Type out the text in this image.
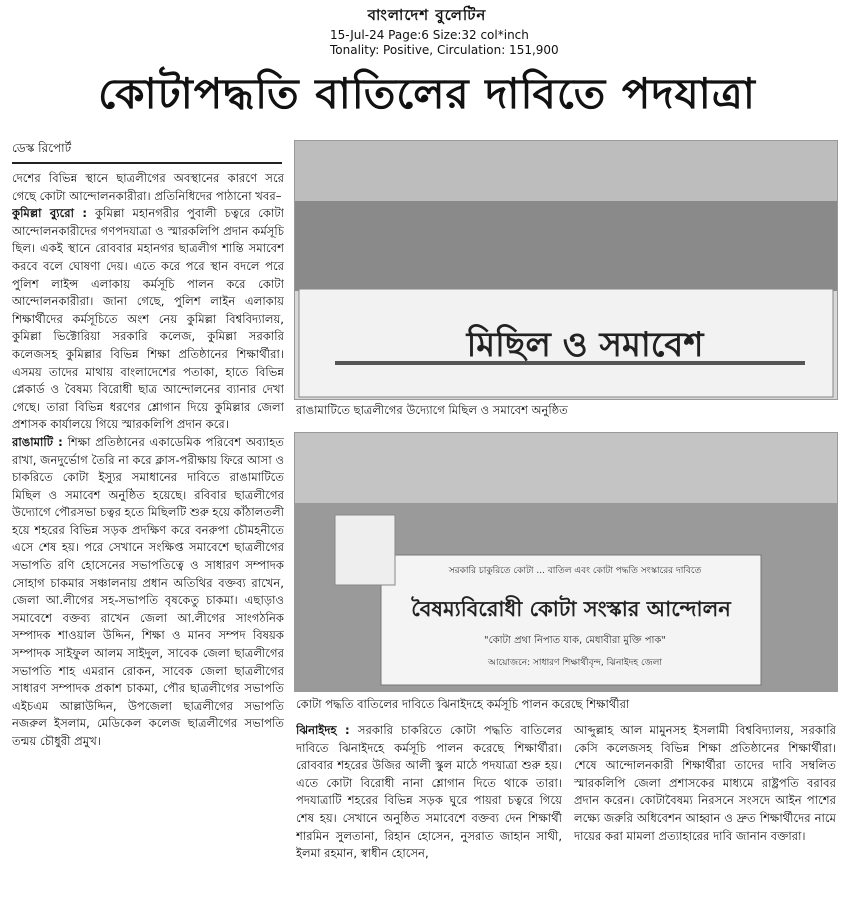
বাংলাদেশ বুলেটিন
15-Jul-24 Page:6 Size:32 col*inch
Tonality: Positive, Circulation: 151,900
কোটাপদ্ধতি বাতিলের দাবিতে পদযাত্রা
ডেস্ক রিপোর্ট

দেশের বিভিন্ন স্থানে ছাত্রলীগের অবস্থানের কারণে সরে গেছে কোটা আন্দোলনকারীরা। প্রতিনিধিদের পাঠানো খবর–

কুমিল্লা ব্যুরো : কুমিল্লা মহানগরীর পুবালী চত্বরে কোটা আন্দোলনকারীদের গণপদযাত্রা ও স্মারকলিপি প্রদান কর্মসূচি ছিল। একই স্থানে রোববার মহানগর ছাত্রলীগ শান্তি সমাবেশ করবে বলে ঘোষণা দেয়। এতে করে পরে স্থান বদলে পরে পুলিশ লাইন্স এলাকায় কর্মসূচি পালন করে কোটা আন্দোলনকারীরা। জানা গেছে, পুলিশ লাইন এলাকায় শিক্ষার্থীদের কর্মসূচিতে অংশ নেয় কুমিল্লা বিশ্ববিদ্যালয়, কুমিল্লা ভিক্টোরিয়া সরকারি কলেজ, কুমিল্লা সরকারি কলেজসহ কুমিল্লার বিভিন্ন শিক্ষা প্রতিষ্ঠানের শিক্ষার্থীরা। এসময় তাদের মাথায় বাংলাদেশের পতাকা, হাতে বিভিন্ন প্লেকার্ড ও বৈষম্য বিরোধী ছাত্র আন্দোলনের ব্যানার দেখা গেছে। তারা বিভিন্ন ধরণের শ্লোগান দিয়ে কুমিল্লার জেলা প্রশাসক কার্যালয়ে গিয়ে স্মারকলিপি প্রদান করে।

রাঙামাটি : শিক্ষা প্রতিষ্ঠানের একাডেমিক পরিবেশ অব্যাহত রাখা, জনদুর্ভোগ তৈরি না করে ক্লাস-পরীক্ষায় ফিরে আসা ও চাকরিতে কোটা ইস্যুর সমাধানের দাবিতে রাঙামাটিতে মিছিল ও সমাবেশ অনুষ্ঠিত হয়েছে। রবিবার ছাত্রলীগের উদ্যোগে পৌরসভা চত্বর হতে মিছিলটি শুরু হয়ে কাঁঠালতলী হয়ে শহরের বিভিন্ন সড়ক প্রদক্ষিণ করে বনরুপা চৌমহনীতে এসে শেষ হয়। পরে সেখানে সংক্ষিপ্ত সমাবেশে ছাত্রলীগের সভাপতি রণি হোসেনের সভাপতিত্বে ও সাধারণ সম্পাদক সোহাগ চাকমার সঞ্চালনায় প্রধান অতিথির বক্তব্য রাখেন, জেলা আ.লীগের সহ-সভাপতি বৃষকেতু চাকমা। এছাড়াও সমাবেশে বক্তব্য রাখেন জেলা আ.লীগের সাংগঠনিক সম্পাদক শাওয়াল উদ্দিন, শিক্ষা ও মানব সম্পদ বিষয়ক সম্পাদক সাইফুল আলম সাইদুল, সাবেক জেলা ছাত্রলীগের সভাপতি শাহ এমরান রোকন, সাবেক জেলা ছাত্রলীগের সাধারণ সম্পাদক প্রকাশ চাকমা, পৌর ছাত্রলীগের সভাপতি এইচএম আল্লাউদ্দিন, উপজেলা ছাত্রলীগের সভাপতি নজরুল ইসলাম, মেডিকেল কলেজ ছাত্রলীগের সভাপতি তন্ময় চৌধুরী প্রমুখ।

মিছিল ও সমাবেশ
রাঙামাটিতে ছাত্রলীগের উদ্যোগে মিছিল ও সমাবেশ অনুষ্ঠিত
সরকারি চাকুরিতে কোটা ... বাতিল এবং কোটা পদ্ধতি সংস্কারের দাবিতে
বৈষম্যবিরোধী কোটা সংস্কার আন্দোলন
"কোটা প্রথা নিপাত যাক, মেধাবীরা মুক্তি পাক"
আয়োজনে: সাধারণ শিক্ষার্থীবৃন্দ, ঝিনাইদহ জেলা
কোটা পদ্ধতি বাতিলের দাবিতে ঝিনাইদহে কর্মসূচি পালন করেছে শিক্ষার্থীরা

ঝিনাইদহ : সরকারি চাকরিতে কোটা পদ্ধতি বাতিলের দাবিতে ঝিনাইদহে কর্মসূচি পালন করেছে শিক্ষার্থীরা। রোববার শহরের উজির আলী স্কুল মাঠে পদযাত্রা শুরু হয়। এতে কোটা বিরোধী নানা শ্লোগান দিতে থাকে তারা। পদযাত্রাটি শহরের বিভিন্ন সড়ক ঘুরে পায়রা চত্বরে গিয়ে শেষ হয়। সেখানে অনুষ্ঠিত সমাবেশে বক্তব্য দেন শিক্ষার্থী শারমিন সুলতানা, রিহান হোসেন, নুসরাত জাহান সাথী, ইলমা রহমান, স্বাধীন হোসেন,

আব্দুল্লাহ আল মামুনসহ ইসলামী বিশ্ববিদ্যালয়, সরকারি কেসি কলেজসহ বিভিন্ন শিক্ষা প্রতিষ্ঠানের শিক্ষার্থীরা। শেষে আন্দোলনকারী শিক্ষার্থীরা তাদের দাবি সম্বলিত স্মারকলিপি জেলা প্রশাসকের মাধ্যমে রাষ্ট্রপতি বরাবর প্রদান করেন। কোটাবৈষম্য নিরসনে সংসদে আইন পাশের লক্ষ্যে জরুরি অধিবেশন আহ্বান ও দ্রুত শিক্ষার্থীদের নামে দায়ের করা মামলা প্রত্যাহারের দাবি জানান বক্তারা।
